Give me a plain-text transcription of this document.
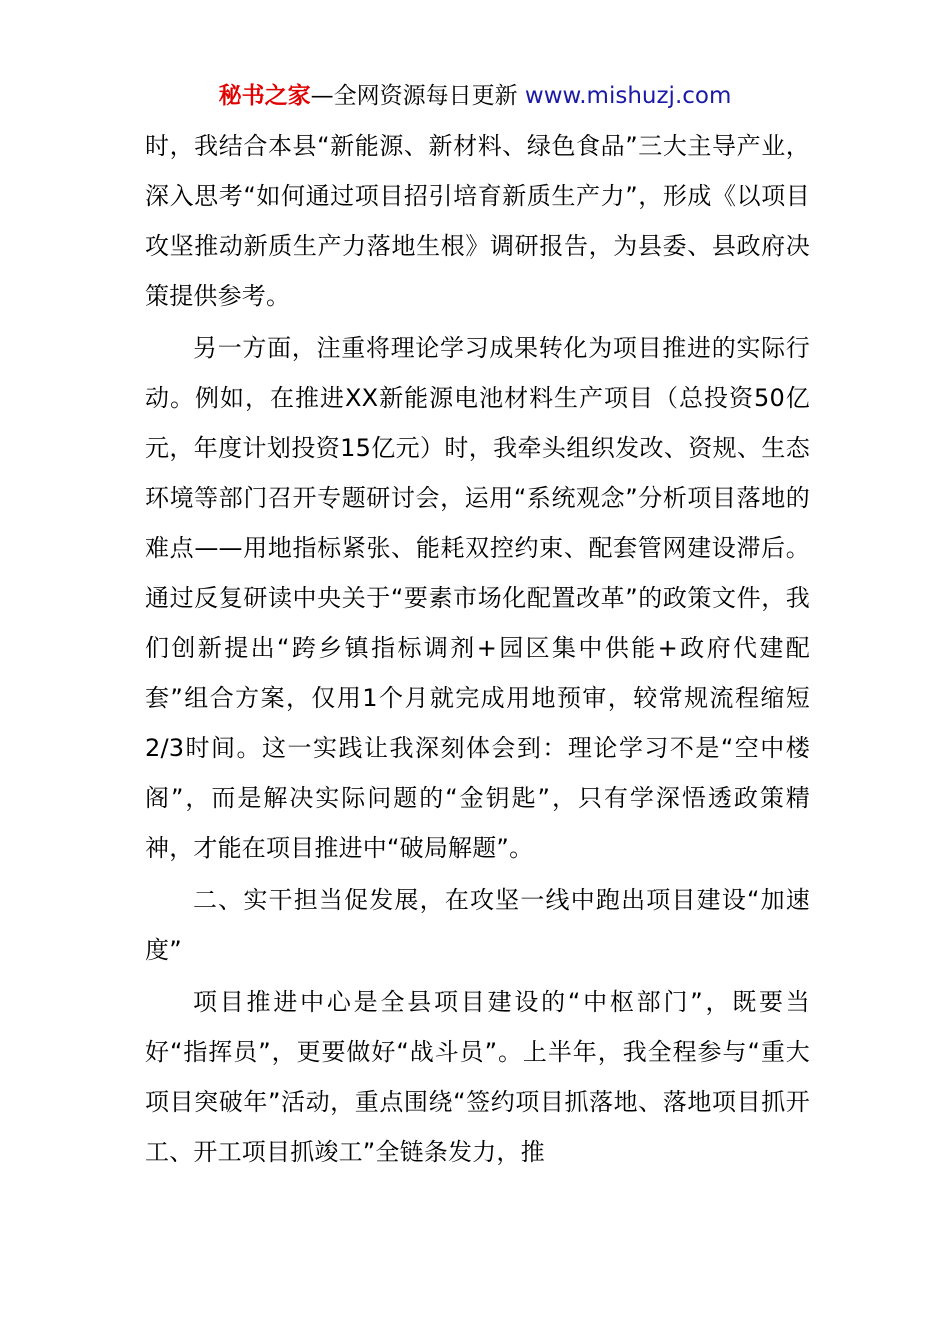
秘书之家—全网资源每日更新 www.mishuzj.com

时，我结合本县“新能源、新材料、绿色食品”三大主导产业，深入思考“如何通过项目招引培育新质生产力”，形成《以项目攻坚推动新质生产力落地生根》调研报告，为县委、县政府决策提供参考。

另一方面，注重将理论学习成果转化为项目推进的实际行动。例如，在推进XX新能源电池材料生产项目（总投资50亿元，年度计划投资15亿元）时，我牵头组织发改、资规、生态环境等部门召开专题研讨会，运用“系统观念”分析项目落地的难点——用地指标紧张、能耗双控约束、配套管网建设滞后。通过反复研读中央关于“要素市场化配置改革”的政策文件，我们创新提出“跨乡镇指标调剂+园区集中供能+政府代建配套”组合方案，仅用1个月就完成用地预审，较常规流程缩短2/3时间。这一实践让我深刻体会到：理论学习不是“空中楼阁”，而是解决实际问题的“金钥匙”，只有学深悟透政策精神，才能在项目推进中“破局解题”。

二、实干担当促发展，在攻坚一线中跑出项目建设“加速度”

项目推进中心是全县项目建设的“中枢部门”，既要当好“指挥员”，更要做好“战斗员”。上半年，我全程参与“重大项目突破年”活动，重点围绕“签约项目抓落地、落地项目抓开工、开工项目抓竣工”全链条发力，推
